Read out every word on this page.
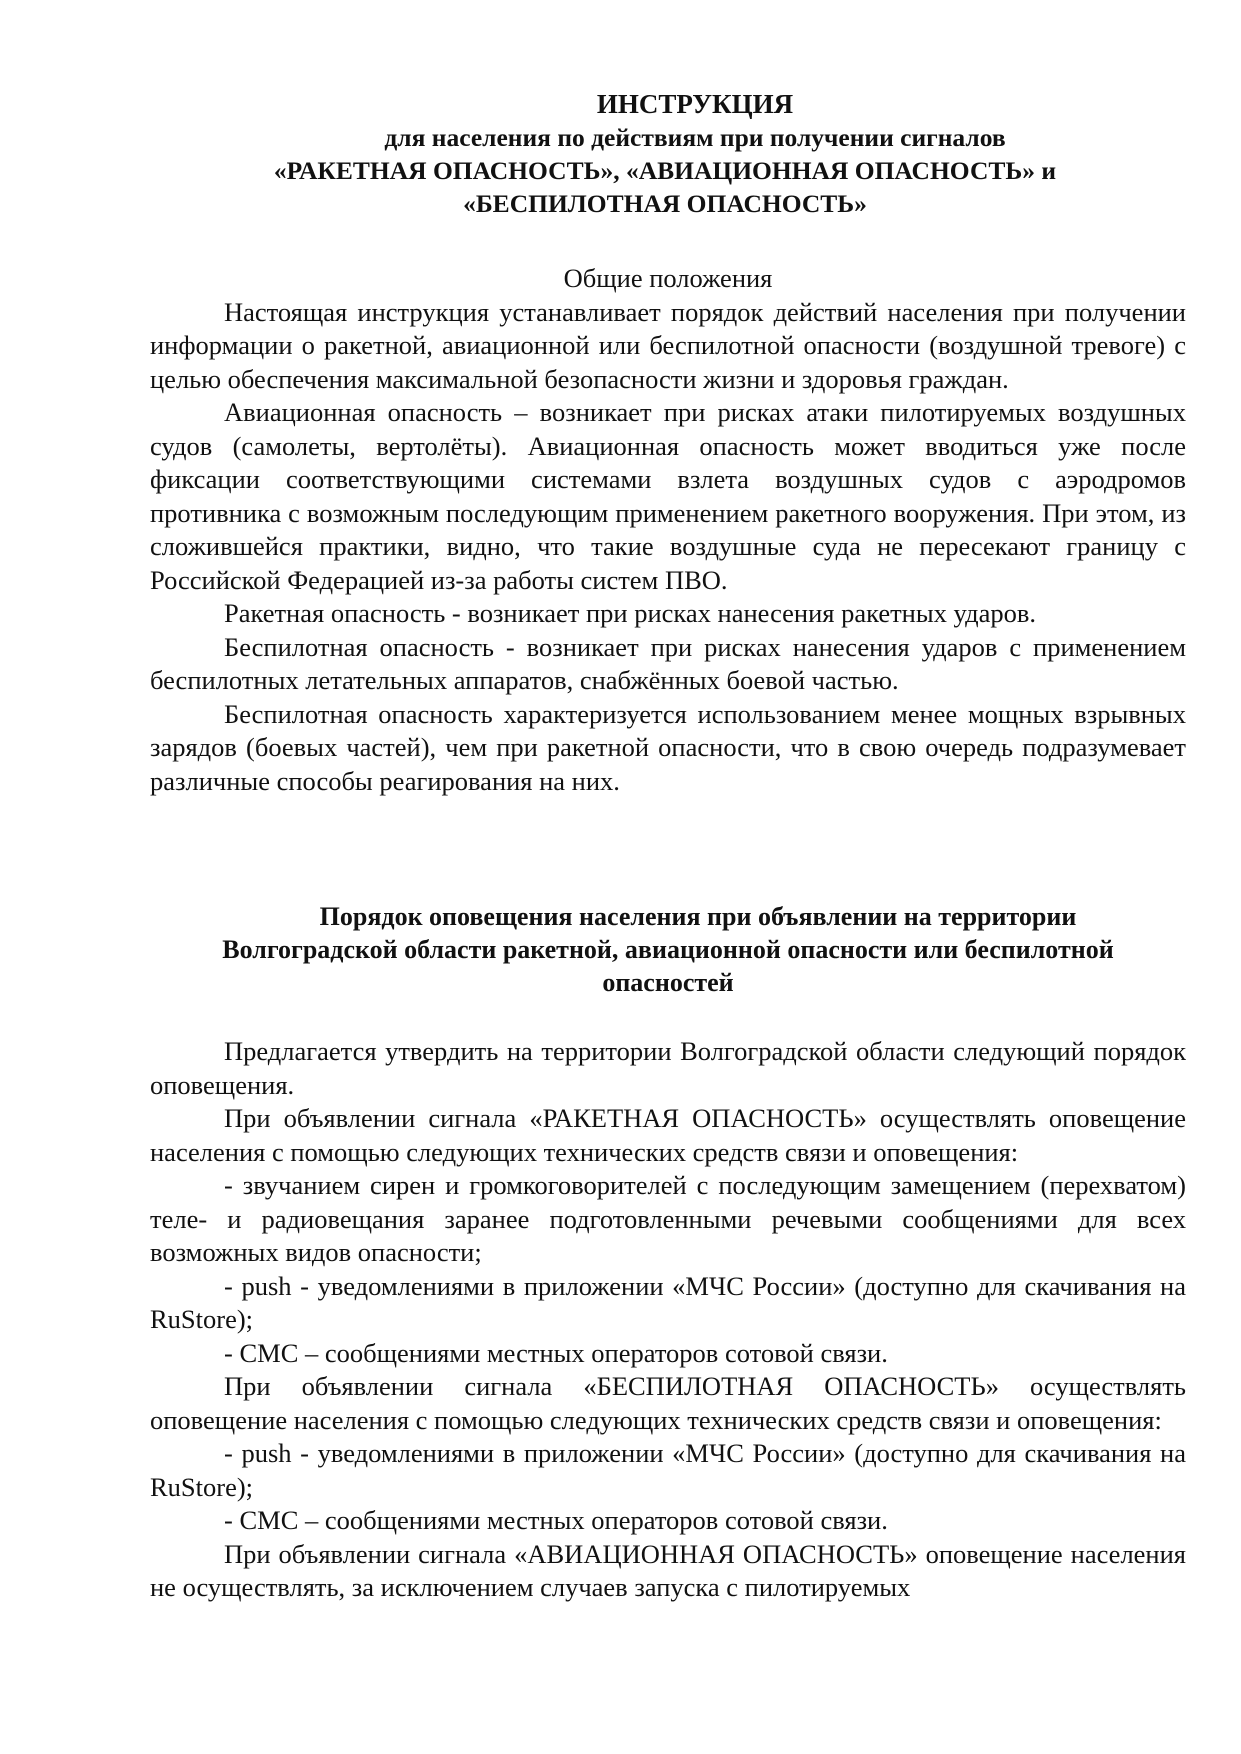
ИНСТРУКЦИЯ
для населения по действиям при получении сигналов
«РАКЕТНАЯ ОПАСНОСТЬ», «АВИАЦИОННАЯ ОПАСНОСТЬ» и
«БЕСПИЛОТНАЯ ОПАСНОСТЬ»
Общие положения

Настоящая инструкция устанавливает порядок действий населения при получении информации о ракетной, авиационной или беспилотной опасности (воздушной тревоге) с целью обеспечения максимальной безопасности жизни и здоровья граждан.

Авиационная опасность – возникает при рисках атаки пилотируемых воздушных судов (самолеты, вертолёты). Авиационная опасность может вводиться уже после фиксации соответствующими системами взлета воздушных судов с аэродромов противника с возможным последующим применением ракетного вооружения. При этом, из сложившейся практики, видно, что такие воздушные суда не пересекают границу с Российской Федерацией из-за работы систем ПВО.

Ракетная опасность - возникает при рисках нанесения ракетных ударов.

Беспилотная опасность - возникает при рисках нанесения ударов с применением беспилотных летательных аппаратов, снабжённых боевой частью.

Беспилотная опасность характеризуется использованием менее мощных взрывных зарядов (боевых частей), чем при ракетной опасности, что в свою очередь подразумевает различные способы реагирования на них.

Порядок оповещения населения при объявлении на территории
Волгоградской области ракетной, авиационной опасности или беспилотной
опасностей

Предлагается утвердить на территории Волгоградской области следующий порядок оповещения.

При объявлении сигнала «РАКЕТНАЯ ОПАСНОСТЬ» осуществлять оповещение населения с помощью следующих технических средств связи и оповещения:

- звучанием сирен и громкоговорителей с последующим замещением (перехватом) теле- и радиовещания заранее подготовленными речевыми сообщениями для всех возможных видов опасности;

- push - уведомлениями в приложении «МЧС России» (доступно для скачивания на RuStore);

- СМС – сообщениями местных операторов сотовой связи.

При объявлении сигнала «БЕСПИЛОТНАЯ ОПАСНОСТЬ» осуществлять оповещение населения с помощью следующих технических средств связи и оповещения:

- push - уведомлениями в приложении «МЧС России» (доступно для скачивания на RuStore);

- СМС – сообщениями местных операторов сотовой связи.

При объявлении сигнала «АВИАЦИОННАЯ ОПАСНОСТЬ» оповещение населения не осуществлять, за исключением случаев запуска с пилотируемых
